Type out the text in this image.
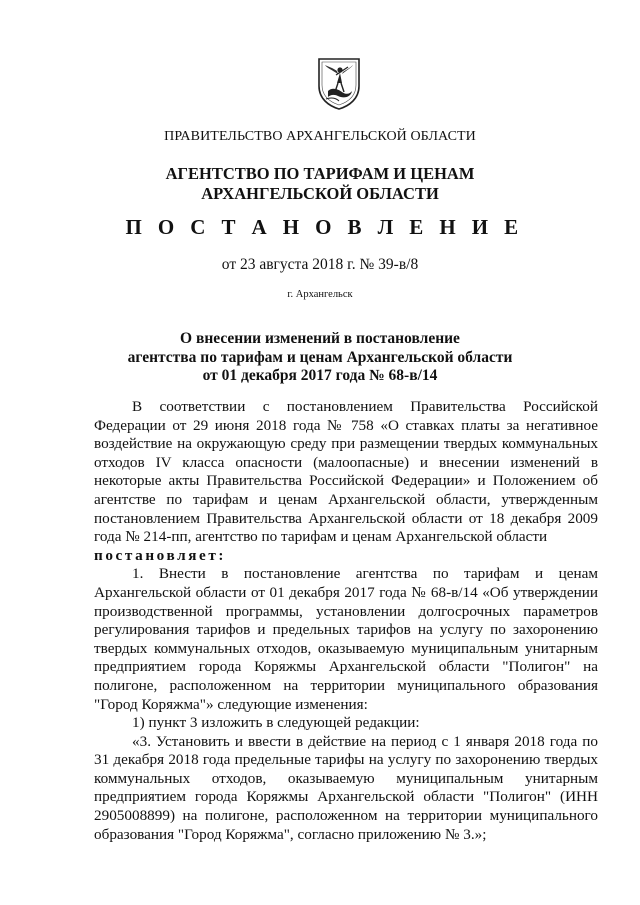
ПРАВИТЕЛЬСТВО АРХАНГЕЛЬСКОЙ ОБЛАСТИ
АГЕНТСТВО ПО ТАРИФАМ И ЦЕНАМ
АРХАНГЕЛЬСКОЙ ОБЛАСТИ
П О С Т А Н О В Л Е Н И Е
от 23 августа 2018 г. № 39-в/8
г. Архангельск
О внесении изменений в постановление
агентства по тарифам и ценам Архангельской области
от 01 декабря 2017 года № 68-в/14

В соответствии с постановлением Правительства Российской Федерации от 29 июня 2018 года № 758 «О ставках платы за негативное воздействие на окружающую среду при размещении твердых коммунальных отходов IV класса опасности (малоопасные) и внесении изменений в некоторые акты Правительства Российской Федерации» и Положением об агентстве по тарифам и ценам Архангельской области, утвержденным постановлением Правительства Архангельской области от 18 декабря 2009 года № 214-пп, агентство по тарифам и ценам Архангельской области

постановляет:

1. Внести в постановление агентства по тарифам и ценам Архангельской области от 01 декабря 2017 года № 68-в/14 «Об утверждении производственной программы, установлении долгосрочных параметров регулирования тарифов и предельных тарифов на услугу по захоронению твердых коммунальных отходов, оказываемую муниципальным унитарным предприятием города Коряжмы Архангельской области "Полигон" на полигоне, расположенном на территории муниципального образования "Город Коряжма"» следующие изменения:

1) пункт 3 изложить в следующей редакции:

«3. Установить и ввести в действие на период с 1 января 2018 года по 31 декабря 2018 года предельные тарифы на услугу по захоронению твердых коммунальных отходов, оказываемую муниципальным унитарным предприятием города Коряжмы Архангельской области "Полигон" (ИНН 2905008899) на полигоне, расположенном на территории муниципального образования "Город Коряжма", согласно приложению № 3.»;
